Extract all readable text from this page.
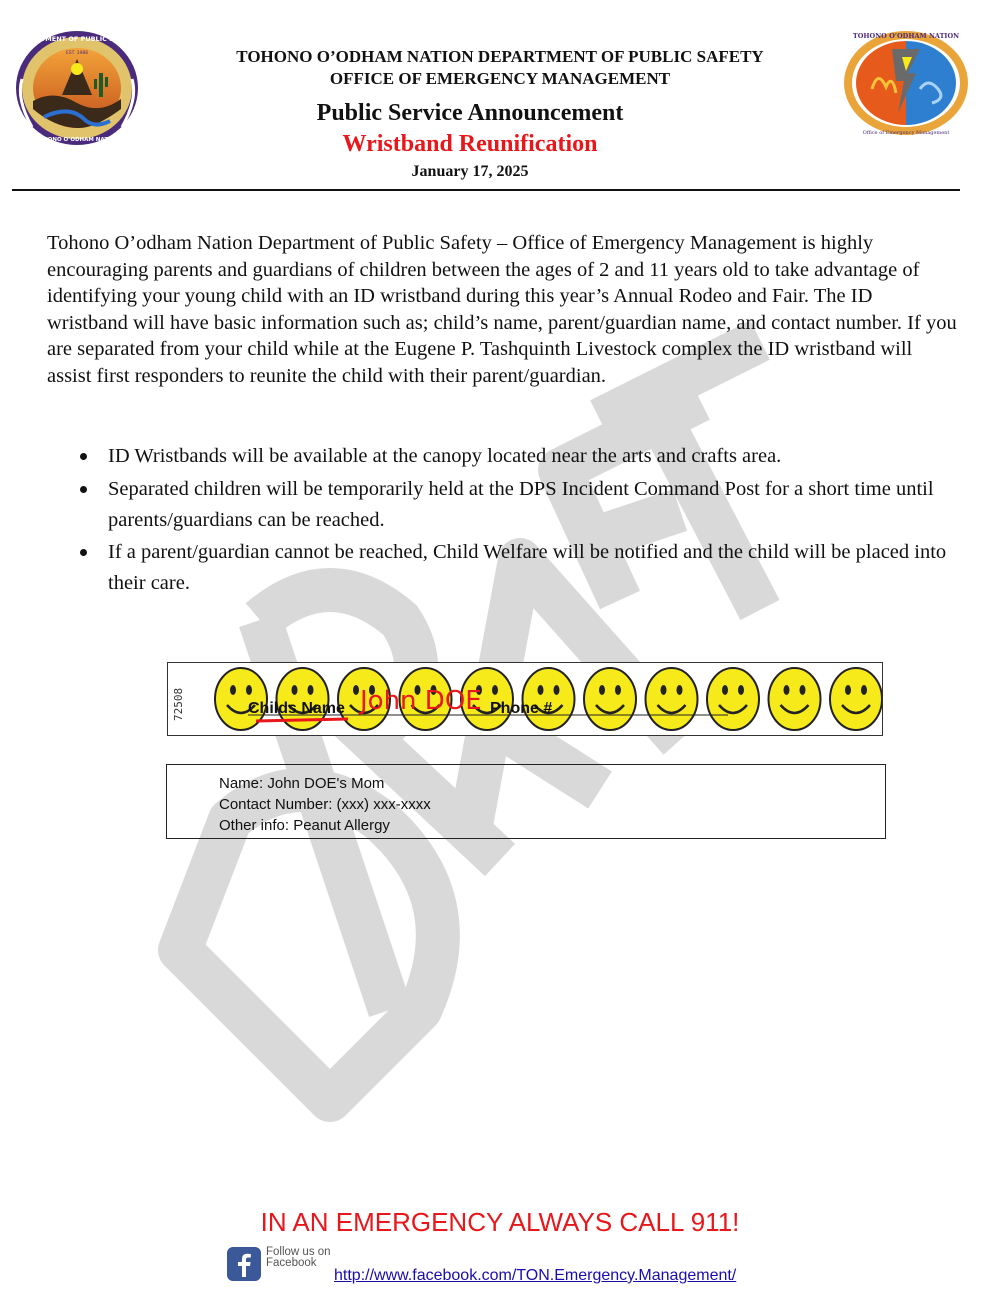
DEPARTMENT OF PUBLIC SAFETY
TOHONO O’ODHAM NATION
EST. 1986
TOHONO O’ODHAM NATION
Office of Emergency Management
TOHONO O’ODHAM NATION DEPARTMENT OF PUBLIC SAFETY
OFFICE OF EMERGENCY MANAGEMENT
Public Service Announcement
Wristband Reunification
January 17, 2025
Tohono O’odham Nation Department of Public Safety – Office of Emergency Management is highly encouraging parents and guardians of children between the ages of 2 and 11 years old to take advantage of identifying your young child with an ID wristband during this year’s Annual Rodeo and Fair. The ID wristband will have basic information such as; child’s name, parent/guardian name, and contact number. If you are separated from your child while at the Eugene P. Tashquinth Livestock complex the ID wristband will assist first responders to reunite the child with their parent/guardian.
ID Wristbands will be available at the canopy located near the arts and crafts area.
Separated children will be temporarily held at the DPS Incident Command Post for a short time until parents/guardians can be reached.
If a parent/guardian cannot be reached, Child Welfare will be notified and the child will be placed into their care.
72508	Childs Name	Phone #
John DOE
Name: John DOE's Mom
Contact Number: (xxx) xxx-xxxx
Other info: Peanut Allergy
IN AN EMERGENCY ALWAYS CALL 911!
Follow us on Facebook
http://www.facebook.com/TON.Emergency.Management/
